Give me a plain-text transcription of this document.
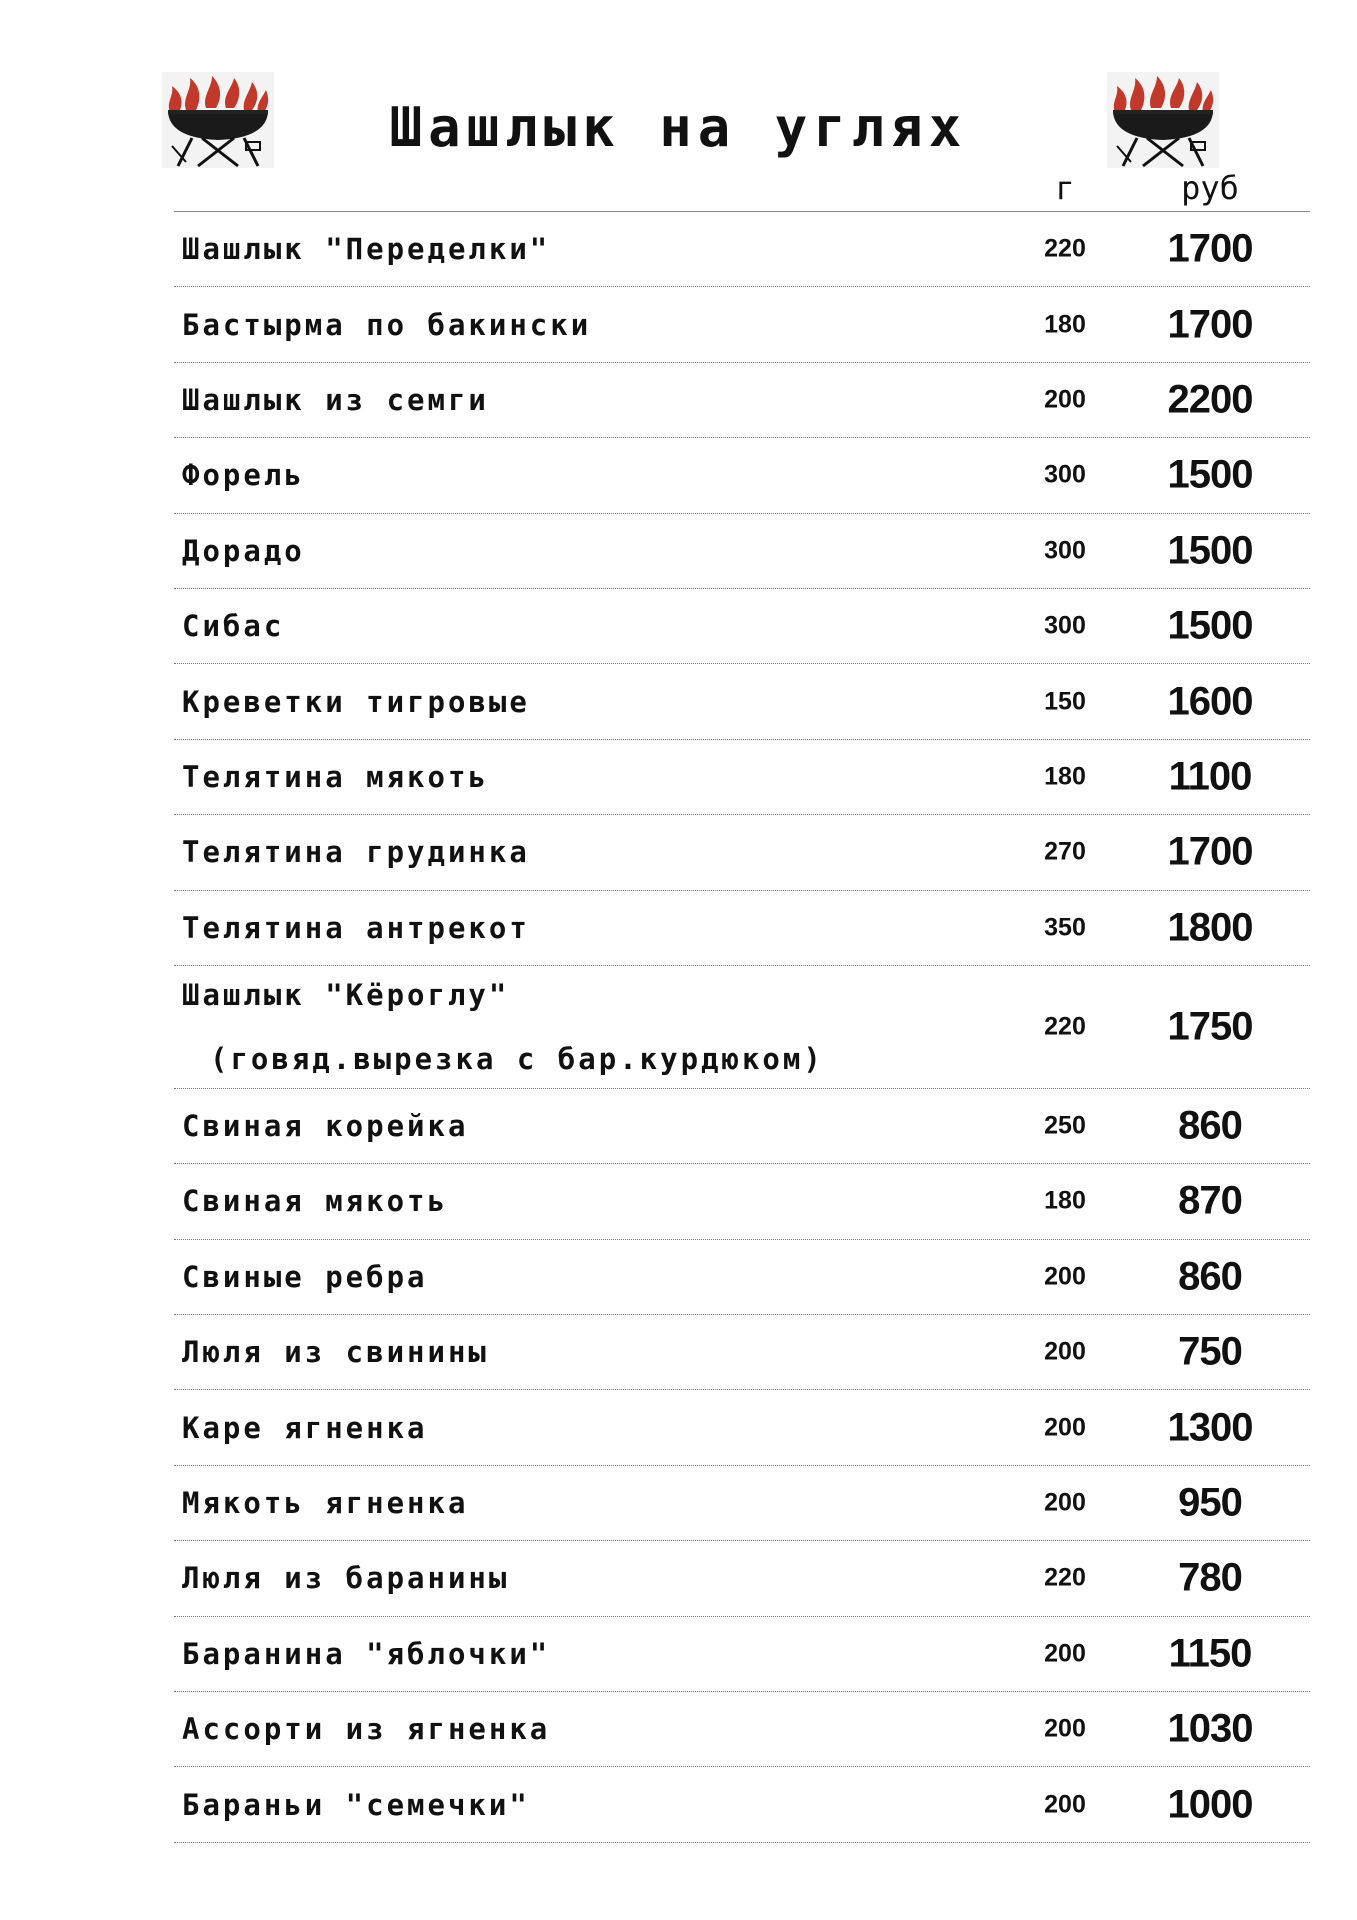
Шашлык на углях
г	руб
Шашлык "Переделки"	220	1700
Бастырма по бакински	180	1700
Шашлык из семги	200	2200
Форель	300	1500
Дорадо	300	1500
Сибас	300	1500
Креветки тигровые	150	1600
Телятина мякоть	180	1100
Телятина грудинка	270	1700
Телятина антрекот	350	1800
Шашлык "Кёроглу"
(говяд.вырезка с бар.курдюком)
220	1750
Свиная корейка	250	860
Свиная мякоть	180	870
Свиные ребра	200	860
Люля из свинины	200	750
Каре ягненка	200	1300
Мякоть ягненка	200	950
Люля из баранины	220	780
Баранина "яблочки"	200	1150
Ассорти из ягненка	200	1030
Бараньи "семечки"	200	1000
